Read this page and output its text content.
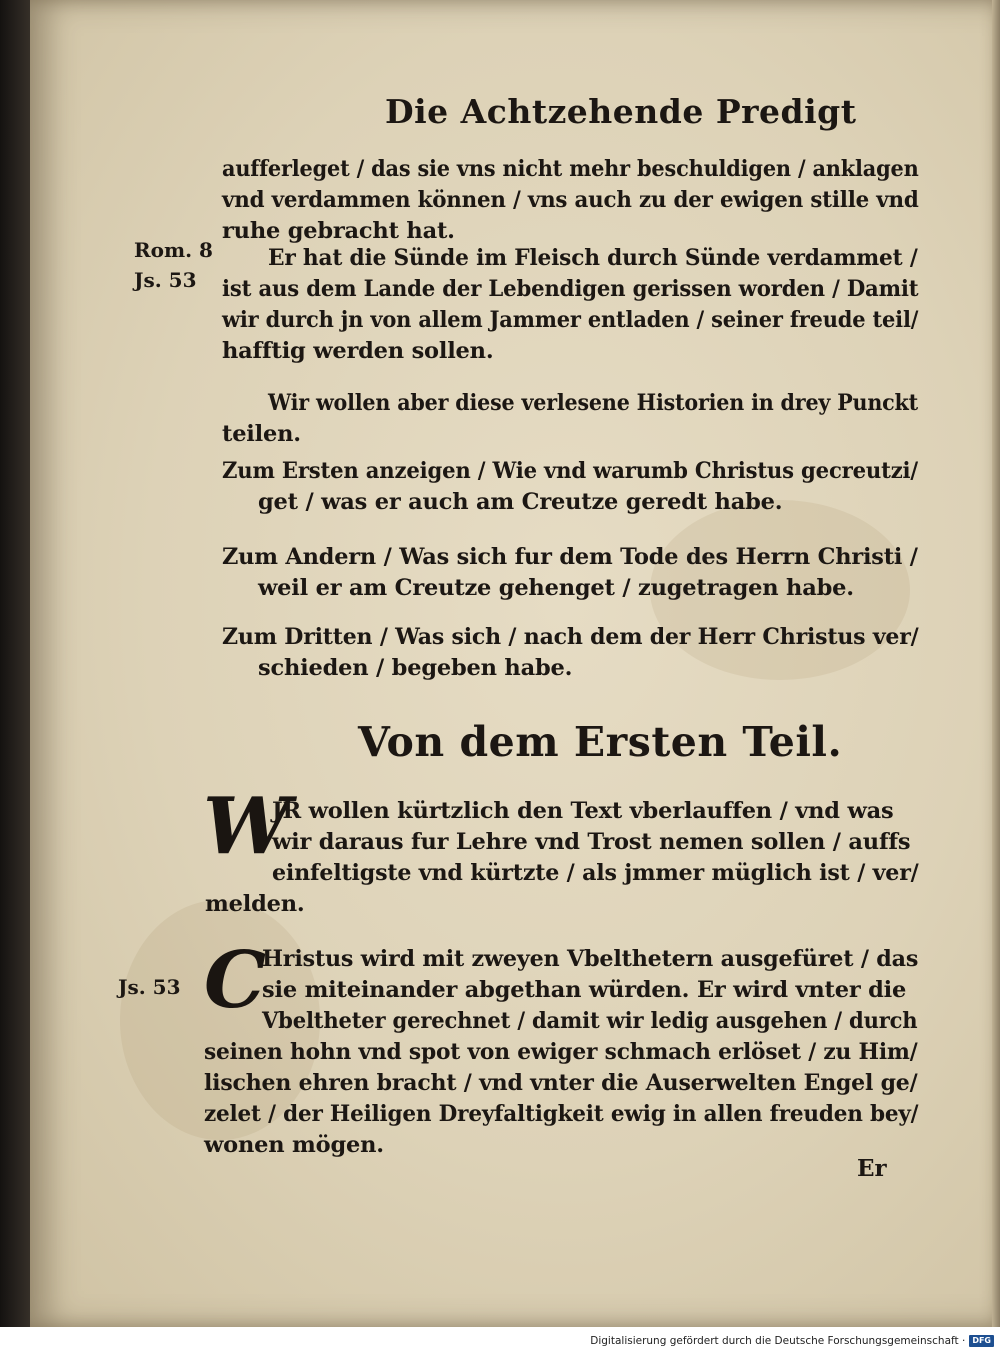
Die Achtzehende Predigt
aufferleget / das sie vns nicht mehr beschuldigen / anklagen
vnd verdammen können / vns auch zu der ewigen stille vnd
ruhe gebracht hat.
Rom. 8
Js. 53
Er hat die Sünde im Fleisch durch Sünde verdammet /
ist aus dem Lande der Lebendigen gerissen worden / Damit
wir durch jn von allem Jammer entladen / seiner freude teil/
hafftig werden sollen.
Wir wollen aber diese verlesene Historien in drey Punckt
teilen.
Zum Ersten anzeigen / Wie vnd warumb Christus gecreutzi/
get / was er auch am Creutze geredt habe.
Zum Andern / Was sich fur dem Tode des Herrn Christi /
weil er am Creutze gehenget / zugetragen habe.
Zum Dritten / Was sich / nach dem der Herr Christus ver/
schieden / begeben habe.
Von dem Ersten Teil.
W
JR wollen kürtzlich den Text vberlauffen / vnd was
wir daraus fur Lehre vnd Trost nemen sollen / auffs
einfeltigste vnd kürtzte / als jmmer müglich ist / ver/
melden.
Js. 53 C
Hristus wird mit zweyen Vbelthetern ausgefüret / das
sie miteinander abgethan würden. Er wird vnter die
Vbeltheter gerechnet / damit wir ledig ausgehen / durch
seinen hohn vnd spot von ewiger schmach erlöset / zu Him/
lischen ehren bracht / vnd vnter die Auserwelten Engel ge/
zelet / der Heiligen Dreyfaltigkeit ewig in allen freuden bey/
wonen mögen.
Er
Digitalisierung gefördert durch die Deutsche Forschungsgemeinschaft · DFG
